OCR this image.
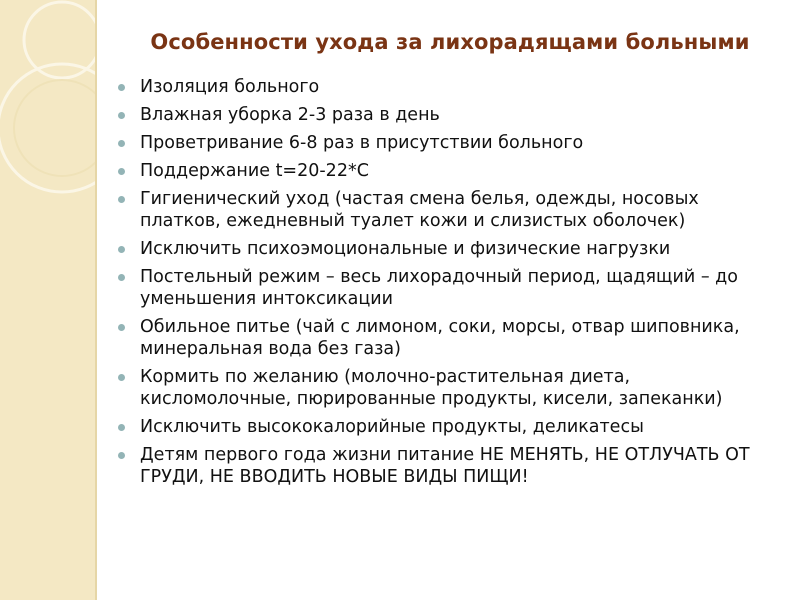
Особенности ухода за лихорадящами больными
Изоляция больного
Влажная уборка 2-3 раза в день
Проветривание 6-8 раз в присутствии больного
Поддержание t=20-22*С
Гигиенический уход (частая смена белья, одежды, носовых платков, ежедневный туалет кожи и слизистых оболочек)
Исключить психоэмоциональные и физические нагрузки
Постельный режим – весь лихорадочный период, щадящий – до уменьшения интоксикации
Обильное питье (чай с лимоном, соки, морсы, отвар шиповника, минеральная вода без газа)
Кормить по желанию (молочно-растительная диета, кисломолочные, пюрированные продукты, кисели, запеканки)
Исключить высококалорийные продукты, деликатесы
Детям первого года жизни питание НЕ МЕНЯТЬ, НЕ ОТЛУЧАТЬ ОТ ГРУДИ, НЕ ВВОДИТЬ НОВЫЕ ВИДЫ ПИЩИ!
